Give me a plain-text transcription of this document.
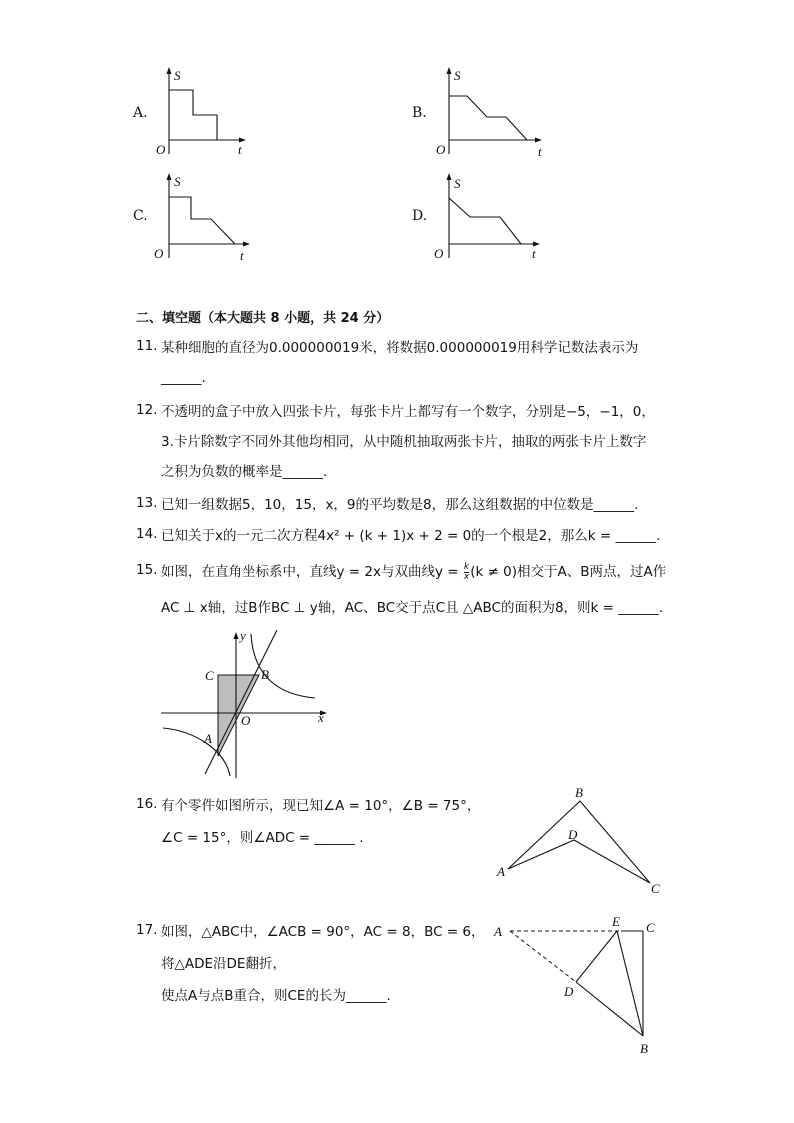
A.
S
O	t
B.
S
O	t
C.
S
O	t
D.
S
O	t
二、填空题（本大题共 8 小题，共 24 分）
11. 某种细胞的直径为0.000000019米，将数据0.000000019用科学记数法表示为
______.
12. 不透明的盒子中放入四张卡片，每张卡片上都写有一个数字，分别是−5，−1，0，
3.卡片除数字不同外其他均相同，从中随机抽取两张卡片，抽取的两张卡片上数字
之积为负数的概率是______.
13. 已知一组数据5，10，15，x，9的平均数是8，那么这组数据的中位数是______.
14. 已知关于x的一元二次方程4x² + (k + 1)x + 2 = 0的一个根是2，那么k = ______.
15. 如图，在直角坐标系中，直线y = 2x与双曲线$y = \frac{k}{x} (k \ne 0)$相交于A、B两点，过A作
AC ⊥ x轴，过B作BC ⊥ y轴，AC、BC交于点C且 △ABC的面积为8，则k = ______.
y
x
O
C	B
A
16. 有个零件如图所示，现已知∠A = 10°，∠B = 75°，
∠C = 15°，则∠ADC = ______ .
B
D
A
C
17. 如图，△ABC中，∠ACB = 90°，AC = 8，BC = 6，
将△ADE沿DE翻折，
使点A与点B重合，则CE的长为______.
A
E C
D
B
